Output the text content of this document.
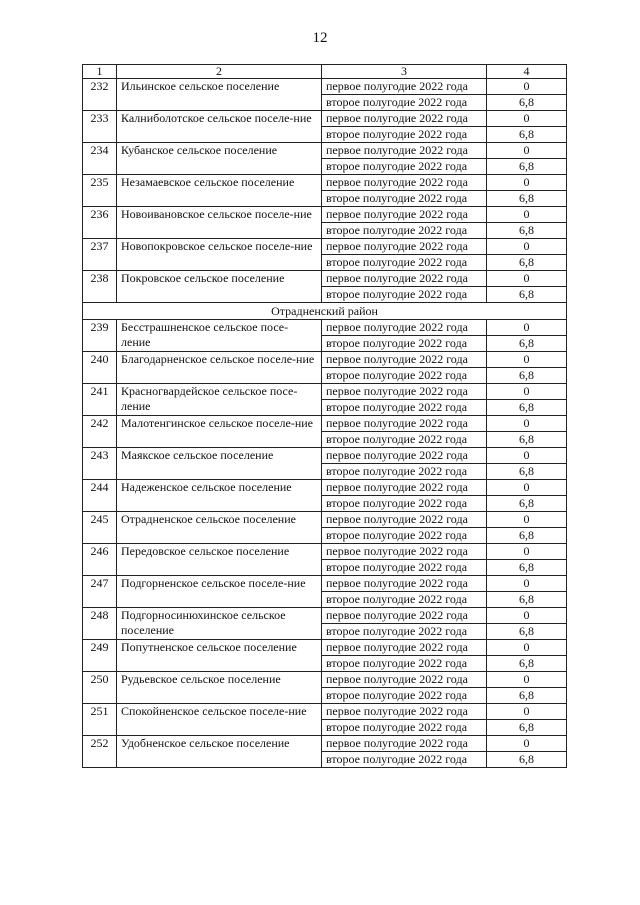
12
1	2	3	4
232	Ильинское сельское поселение	первое полугодие 2022 года	0
		второе полугодие 2022 года	6,8
233	Калниболотское сельское поселе-ние	первое полугодие 2022 года	0
		второе полугодие 2022 года	6,8
234	Кубанское сельское поселение	первое полугодие 2022 года	0
		второе полугодие 2022 года	6,8
235	Незамаевское сельское поселение	первое полугодие 2022 года	0
		второе полугодие 2022 года	6,8
236	Новоивановское сельское поселе-ние	первое полугодие 2022 года	0
		второе полугодие 2022 года	6,8
237	Новопокровское сельское поселе-ние	первое полугодие 2022 года	0
		второе полугодие 2022 года	6,8
238	Покровское сельское поселение	первое полугодие 2022 года	0
		второе полугодие 2022 года	6,8
Отрадненский район			
239	Бесстрашненское сельское посе-ление	первое полугодие 2022 года	0
		второе полугодие 2022 года	6,8
240	Благодарненское сельское поселе-ние	первое полугодие 2022 года	0
		второе полугодие 2022 года	6,8
241	Красногвардейское сельское посе-ление	первое полугодие 2022 года	0
		второе полугодие 2022 года	6,8
242	Малотенгинское сельское поселе-ние	первое полугодие 2022 года	0
		второе полугодие 2022 года	6,8
243	Маякское сельское поселение	первое полугодие 2022 года	0
		второе полугодие 2022 года	6,8
244	Надеженское сельское поселение	первое полугодие 2022 года	0
		второе полугодие 2022 года	6,8
245	Отрадненское сельское поселение	первое полугодие 2022 года	0
		второе полугодие 2022 года	6,8
246	Передовское сельское поселение	первое полугодие 2022 года	0
		второе полугодие 2022 года	6,8
247	Подгорненское сельское поселе-ние	первое полугодие 2022 года	0
		второе полугодие 2022 года	6,8
248	Подгорносинюхинское сельское поселение	первое полугодие 2022 года	0
		второе полугодие 2022 года	6,8
249	Попутненское сельское поселение	первое полугодие 2022 года	0
		второе полугодие 2022 года	6,8
250	Рудьевское сельское поселение	первое полугодие 2022 года	0
		второе полугодие 2022 года	6,8
251	Спокойненское сельское поселе-ние	первое полугодие 2022 года	0
		второе полугодие 2022 года	6,8
252	Удобненское сельское поселение	первое полугодие 2022 года	0
		второе полугодие 2022 года	6,8
